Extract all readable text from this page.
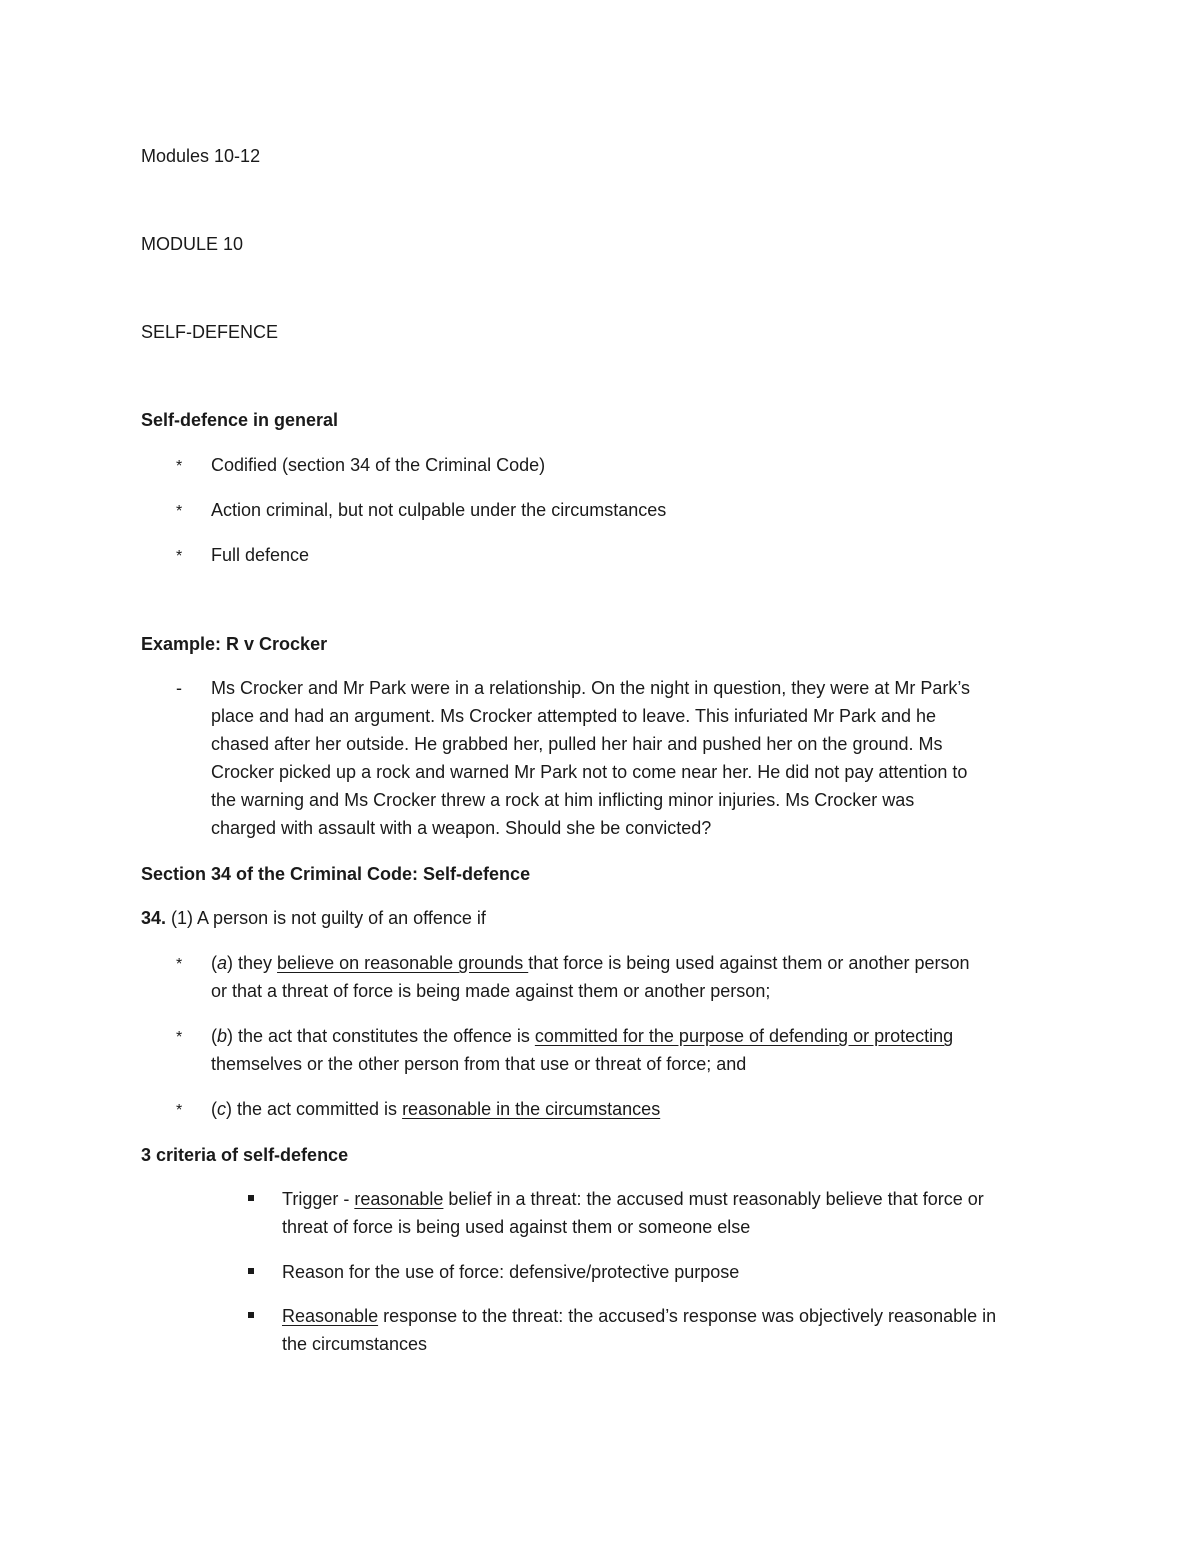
Modules 10-12
MODULE 10
SELF-DEFENCE
Self-defence in general
* Codified (section 34 of the Criminal Code)
* Action criminal, but not culpable under the circumstances
* Full defence
Example: R v Crocker
- Ms Crocker and Mr Park were in a relationship. On the night in question, they were at Mr Park’s
place and had an argument. Ms Crocker attempted to leave. This infuriated Mr Park and he
chased after her outside. He grabbed her, pulled her hair and pushed her on the ground. Ms
Crocker picked up a rock and warned Mr Park not to come near her. He did not pay attention to
the warning and Ms Crocker threw a rock at him inflicting minor injuries. Ms Crocker was
charged with assault with a weapon. Should she be convicted?
Section 34 of the Criminal Code: Self-defence
34. (1) A person is not guilty of an offence if
* (a) they believe on reasonable grounds that force is being used against them or another person
or that a threat of force is being made against them or another person;
* (b) the act that constitutes the offence is committed for the purpose of defending or protecting
themselves or the other person from that use or threat of force; and
* (c) the act committed is reasonable in the circumstances
3 criteria of self-defence
Trigger - reasonable belief in a threat: the accused must reasonably believe that force or
threat of force is being used against them or someone else
Reason for the use of force: defensive/protective purpose
Reasonable response to the threat: the accused’s response was objectively reasonable in
the circumstances
